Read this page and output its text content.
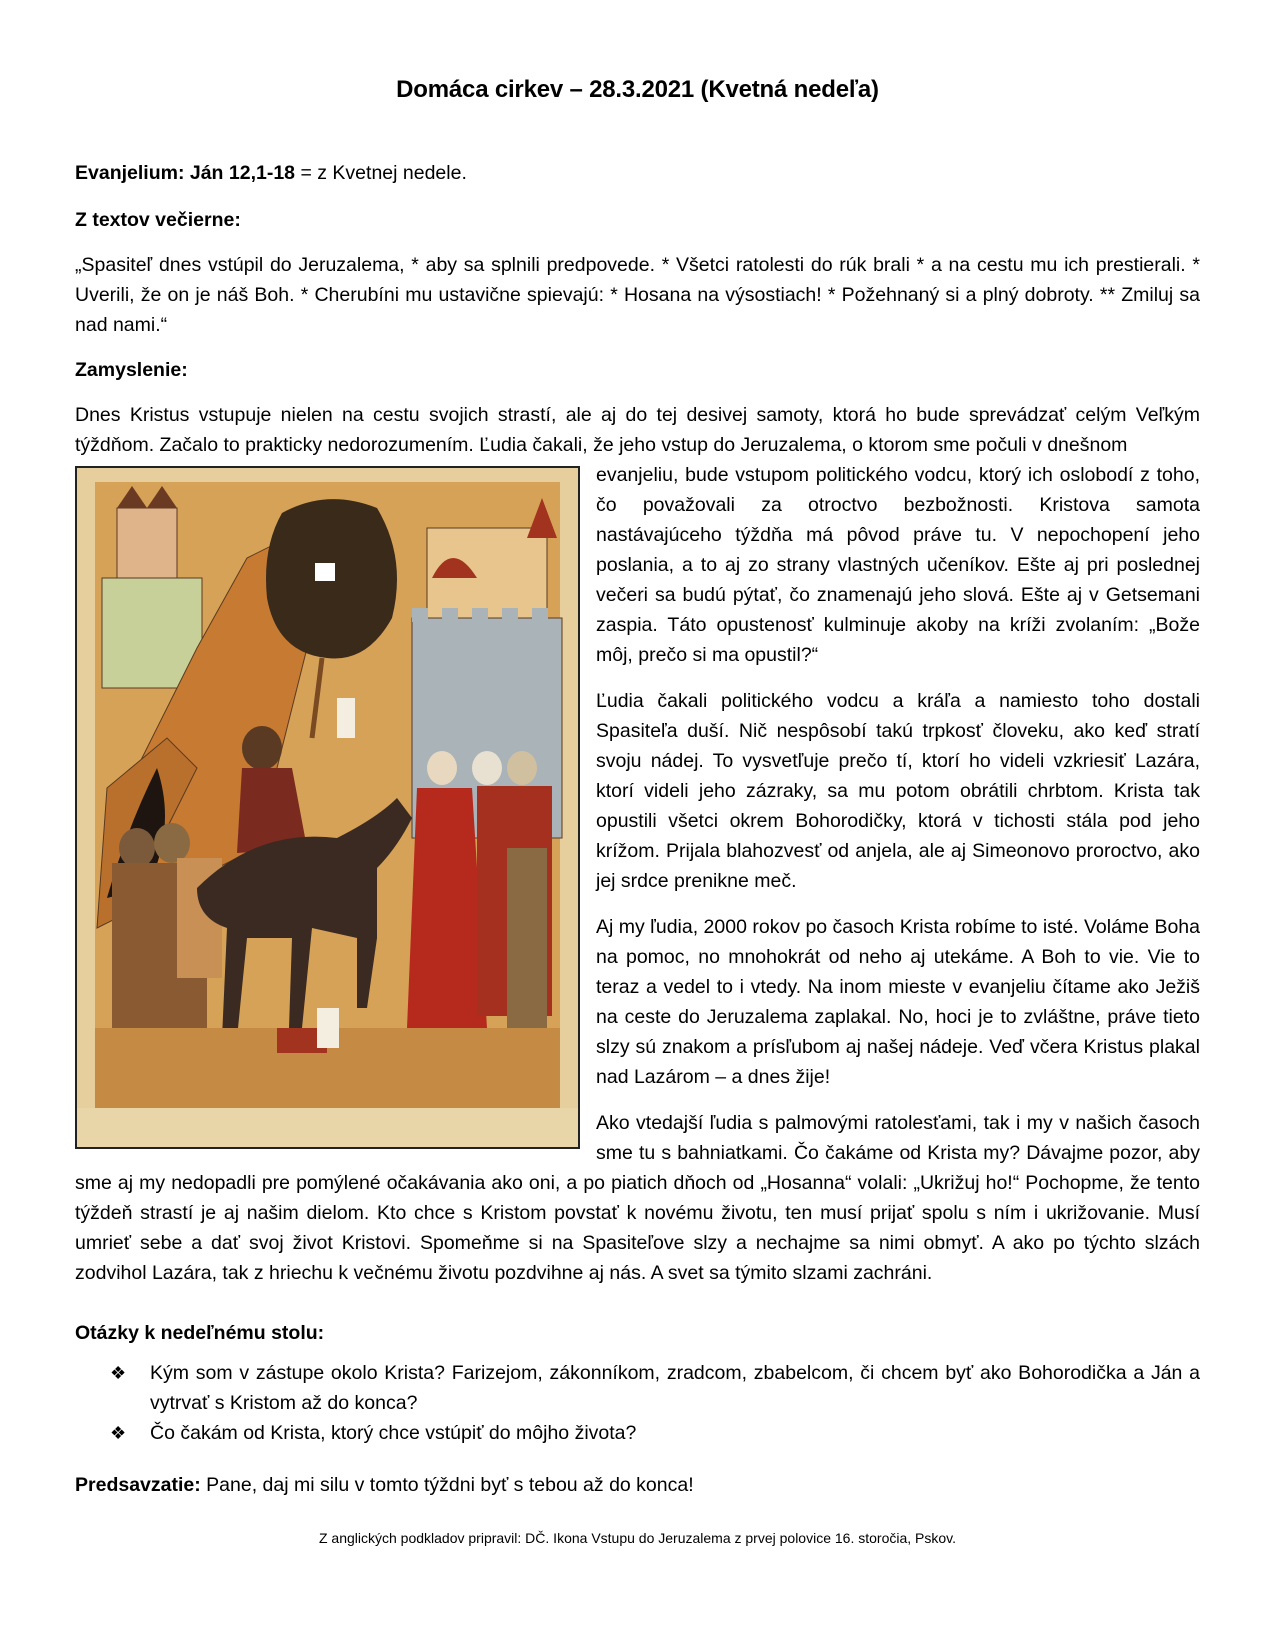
Domáca cirkev – 28.3.2021 (Kvetná nedeľa)

Evanjelium: Ján 12,1-18 = z Kvetnej nedele.

Z textov večierne:

„Spasiteľ dnes vstúpil do Jeruzalema, * aby sa splnili predpovede. * Všetci ratolesti do rúk brali * a na cestu mu ich prestierali. * Uverili, že on je náš Boh. * Cherubíni mu ustavične spievajú: * Hosana na výsostiach! * Požehnaný si a plný dobroty. ** Zmiluj sa nad nami.“

Zamyslenie:

Dnes Kristus vstupuje nielen na cestu svojich strastí, ale aj do tej desivej samoty, ktorá ho bude sprevádzať celým Veľkým týždňom. Začalo to prakticky nedorozumením. Ľudia čakali, že jeho vstup do Jeruzalema, o ktorom sme počuli v dnešnom

evanjeliu, bude vstupom politického vodcu, ktorý ich oslobodí z toho, čo považovali za otroctvo bezbožnosti. Kristova samota nastávajúceho týždňa má pôvod práve tu. V nepochopení jeho poslania, a to aj zo strany vlastných učeníkov. Ešte aj pri poslednej večeri sa budú pýtať, čo znamenajú jeho slová. Ešte aj v Getsemani zaspia. Táto opustenosť kulminuje akoby na kríži zvolaním: „Bože môj, prečo si ma opustil?“

Ľudia čakali politického vodcu a kráľa a namiesto toho dostali Spasiteľa duší. Nič nespôsobí takú trpkosť človeku, ako keď stratí svoju nádej. To vysvetľuje prečo tí, ktorí ho videli vzkriesiť Lazára, ktorí videli jeho zázraky, sa mu potom obrátili chrbtom. Krista tak opustili všetci okrem Bohorodičky, ktorá v tichosti stála pod jeho krížom. Prijala blahozvesť od anjela, ale aj Simeonovo proroctvo, ako jej srdce prenikne meč.

Aj my ľudia, 2000 rokov po časoch Krista robíme to isté. Voláme Boha na pomoc, no mnohokrát od neho aj utekáme. A Boh to vie. Vie to teraz a vedel to i vtedy. Na inom mieste v evanjeliu čítame ako Ježiš na ceste do Jeruzalema zaplakal. No, hoci je to zvláštne, práve tieto slzy sú znakom a prísľubom aj našej nádeje. Veď včera Kristus plakal nad Lazárom – a dnes žije!

Ako vtedajší ľudia s palmovými ratolesťami, tak i my v našich časoch sme tu s bahniatkami. Čo čakáme od Krista my? Dávajme pozor, aby sme aj my nedopadli pre pomýlené očakávania ako oni, a po piatich dňoch od „Hosanna“ volali: „Ukrižuj ho!“ Pochopme, že tento týždeň strastí je aj našim dielom. Kto chce s Kristom povstať k novému životu, ten musí prijať spolu s ním i ukrižovanie. Musí umrieť sebe a dať svoj život Kristovi. Spomeňme si na Spasiteľove slzy a nechajme sa nimi obmyť. A ako po týchto slzách zodvihol Lazára, tak z hriechu k večnému životu pozdvihne aj nás. A svet sa týmito slzami zachráni.

Otázky k nedeľnému stolu:

❖ Kým som v zástupe okolo Krista? Farizejom, zákonníkom, zradcom, zbabelcom, či chcem byť ako Bohorodička a Ján a vytrvať s Kristom až do konca?
❖ Čo čakám od Krista, ktorý chce vstúpiť do môjho života?

Predsavzatie: Pane, daj mi silu v tomto týždni byť s tebou až do konca!

Z anglických podkladov pripravil: DČ. Ikona Vstupu do Jeruzalema z prvej polovice 16. storočia, Pskov.
